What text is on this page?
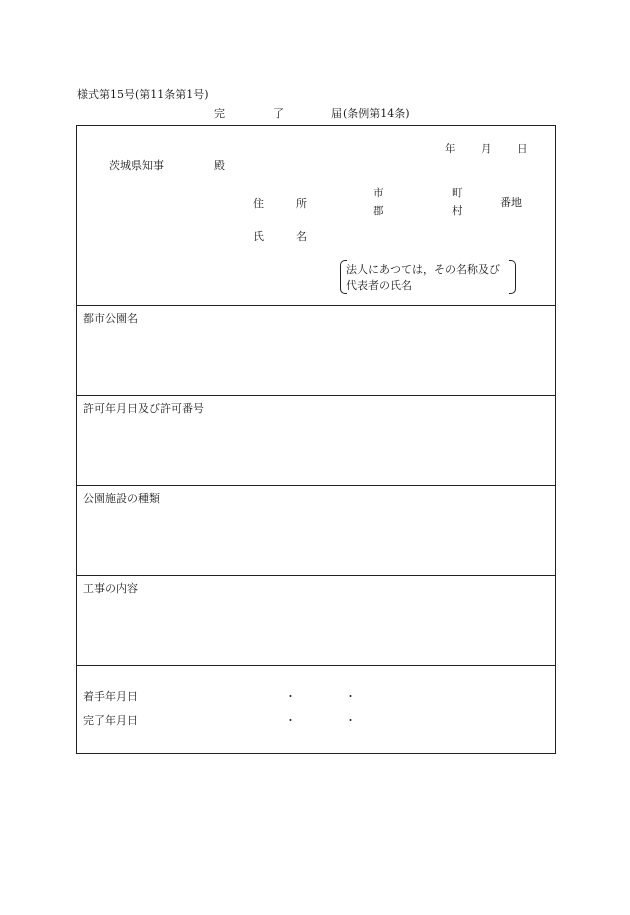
様式第15号(第11条第1号)
完	了	届 (条例第14条)
年 月 日
茨城県知事	殿
住	所
市
郡
町
村
番地
氏	名
法人にあつては，その名称及び
代表者の氏名
都市公園名
許可年月日及び許可番号
公園施設の種類
工事の内容
着手年月日	・	・
完了年月日	・	・
